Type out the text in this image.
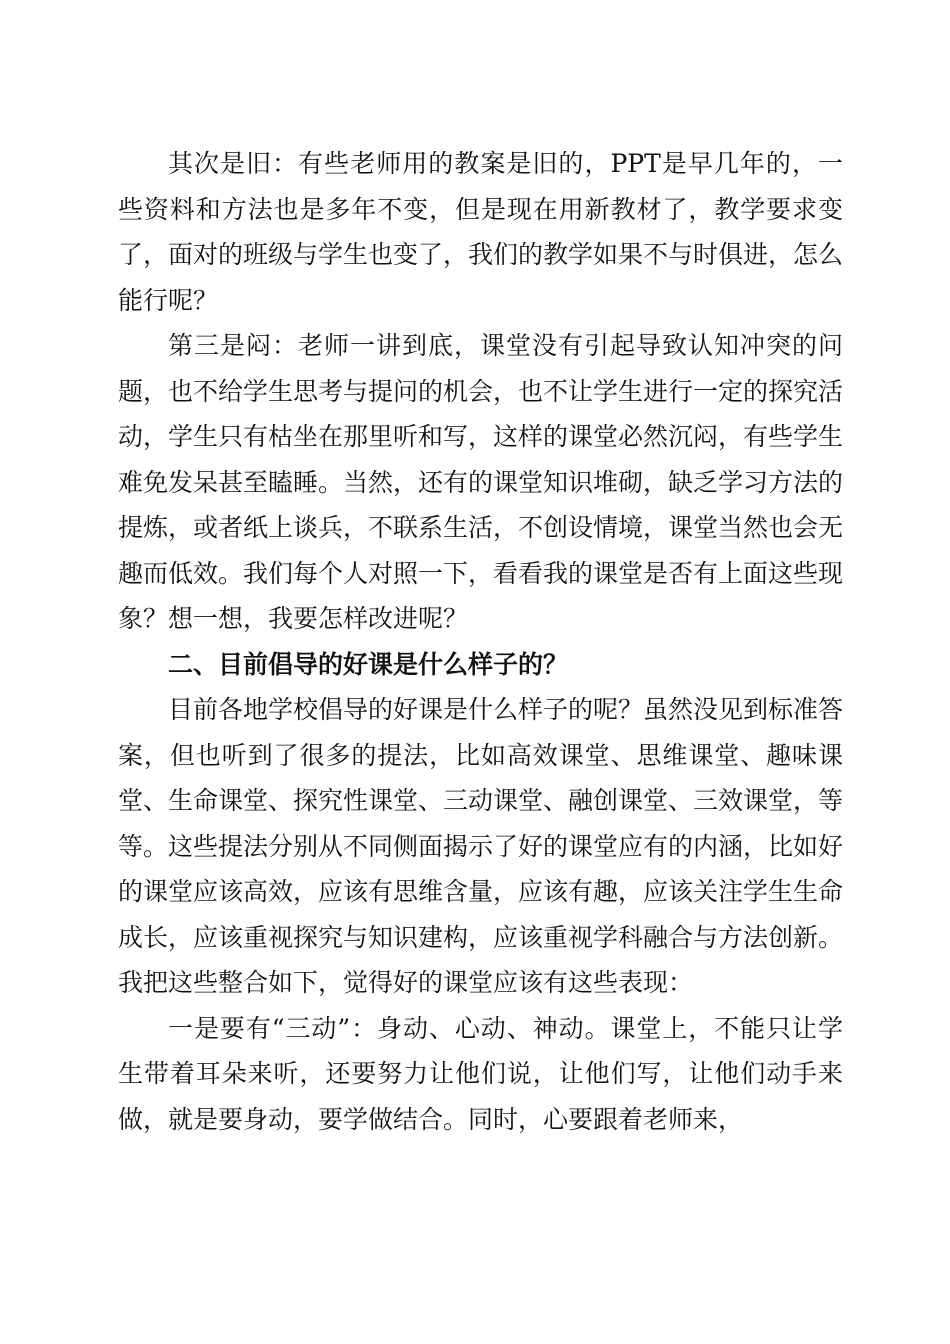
其次是旧：有些老师用的教案是旧的，PPT是早几年的，一些资料和方法也是多年不变，但是现在用新教材了，教学要求变了，面对的班级与学生也变了，我们的教学如果不与时俱进，怎么能行呢？

第三是闷：老师一讲到底，课堂没有引起导致认知冲突的问题，也不给学生思考与提问的机会，也不让学生进行一定的探究活动，学生只有枯坐在那里听和写，这样的课堂必然沉闷，有些学生难免发呆甚至瞌睡。当然，还有的课堂知识堆砌，缺乏学习方法的提炼，或者纸上谈兵，不联系生活，不创设情境，课堂当然也会无趣而低效。我们每个人对照一下，看看我的课堂是否有上面这些现象？想一想，我要怎样改进呢？

二、目前倡导的好课是什么样子的？

目前各地学校倡导的好课是什么样子的呢？虽然没见到标准答案，但也听到了很多的提法，比如高效课堂、思维课堂、趣味课堂、生命课堂、探究性课堂、三动课堂、融创课堂、三效课堂，等等。这些提法分别从不同侧面揭示了好的课堂应有的内涵，比如好的课堂应该高效，应该有思维含量，应该有趣，应该关注学生生命成长，应该重视探究与知识建构，应该重视学科融合与方法创新。我把这些整合如下，觉得好的课堂应该有这些表现：

一是要有“三动”：身动、心动、神动。课堂上，不能只让学生带着耳朵来听，还要努力让他们说，让他们写，让他们动手来做，就是要身动，要学做结合。同时，心要跟着老师来，
